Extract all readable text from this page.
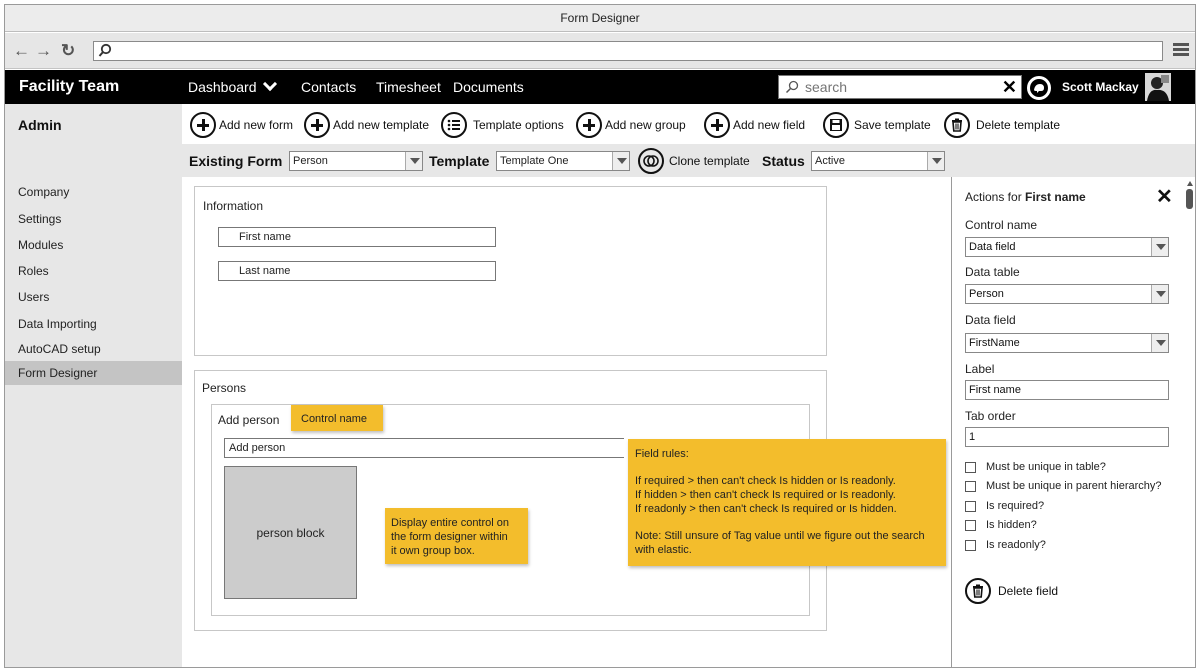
Form Designer
← → ↻
Facility Team	Dashboard	Contacts Timesheet Documents
search	✕	Scott Mackay
Admin
Company
Settings
Modules
Roles
Users
Data Importing
AutoCAD setup
Form Designer
Add new form	Add new template	Template options	Add new group	Add new field	Save template	Delete template
Existing Form Person	Template Template One	Clone template Status Active
Information
First name
Last name
Persons
Add person
Add person
person block
Control name
Display entire control on
the form designer within
it own group box.
Field rules:
If required > then can't check Is hidden or Is readonly.
If hidden > then can't check Is required or Is readonly.
If readonly > then can't check Is required or Is hidden.
Note: Still unsure of Tag value until we figure out the search
with elastic.
Actions for First name	✕
Control name
Data field
Data table
Person
Data field
FirstName
Label
First name
Tab order
1
Must be unique in table?
Must be unique in parent hierarchy?
Is required?
Is hidden?
Is readonly?
Delete field
